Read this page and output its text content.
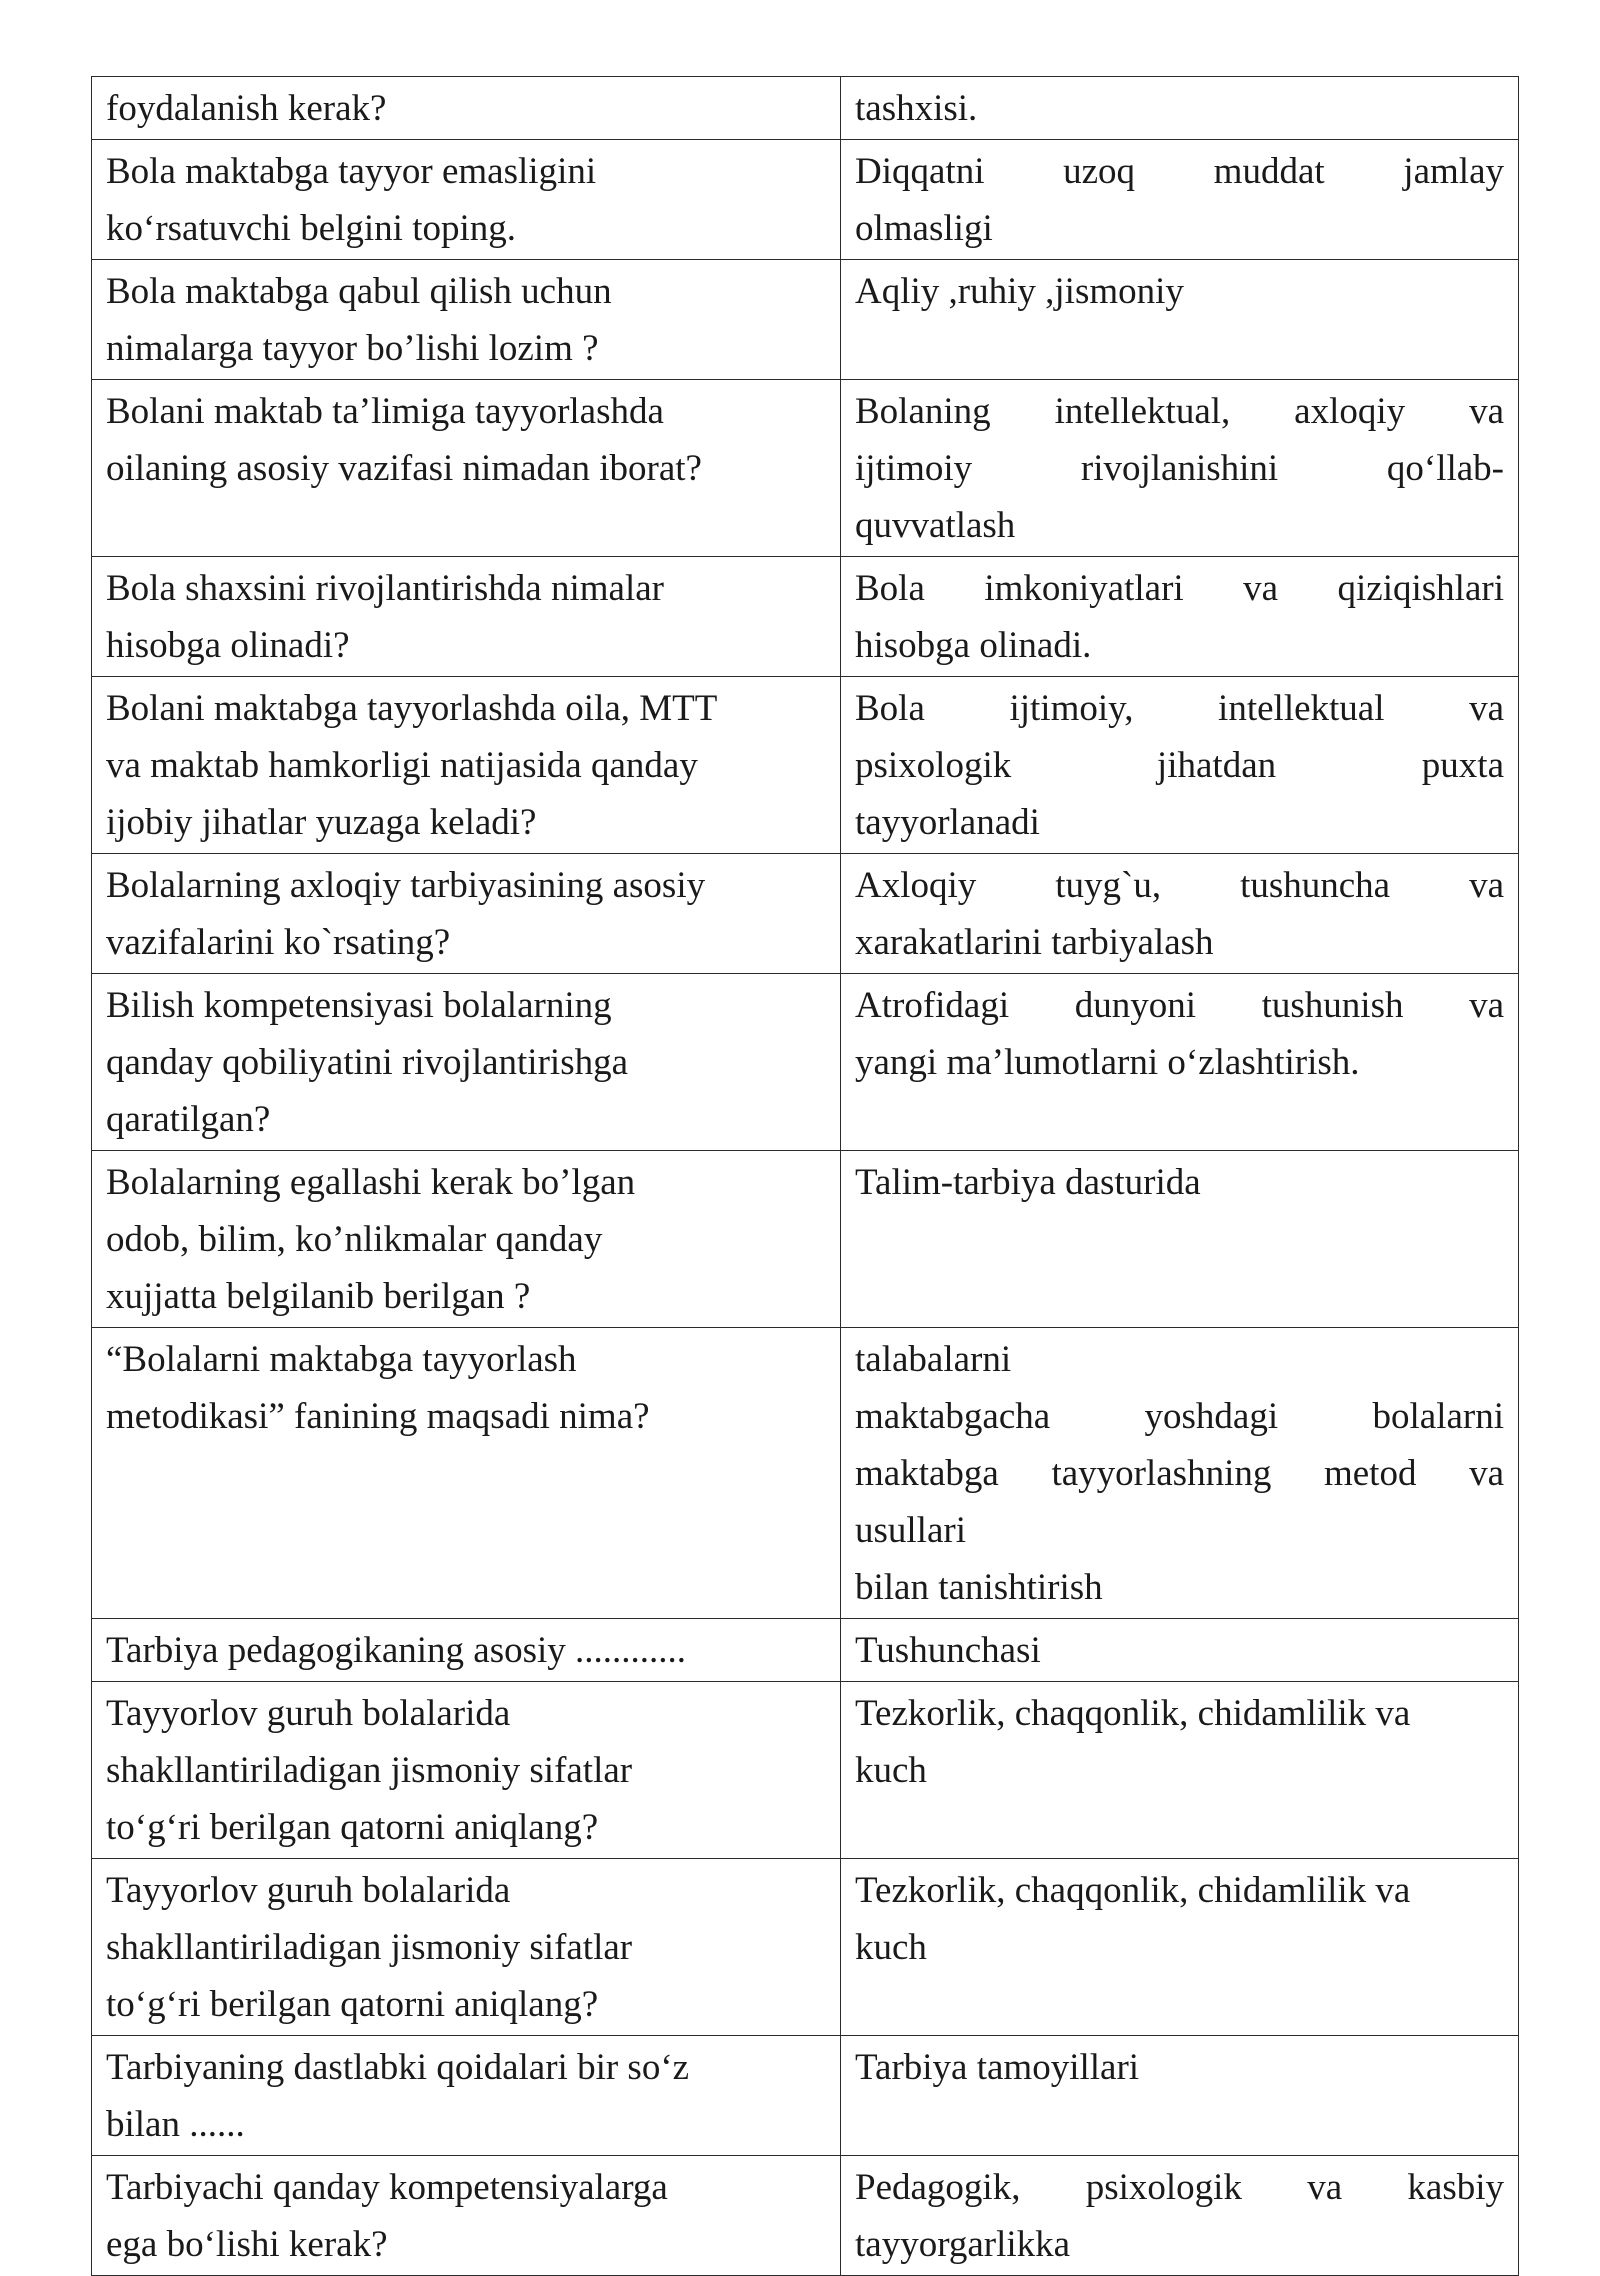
foydalanish kerak?	tashxisi.

Bola maktabga tayyor emasligini
ko‘rsatuvchi belgini toping.	Diqqatni uzoq muddat jamlay
olmasligi

Bola maktabga qabul qilish uchun
nimalarga tayyor bo’lishi lozim ?	Aqliy ,ruhiy ,jismoniy

Bolani maktab ta’limiga tayyorlashda
oilaning asosiy vazifasi nimadan iborat?	Bolaning intellektual, axloqiy va
ijtimoiy rivojlanishini qo‘llab-
quvvatlash

Bola shaxsini rivojlantirishda nimalar
hisobga olinadi?	Bola imkoniyatlari va qiziqishlari
hisobga olinadi.

Bolani maktabga tayyorlashda oila, MTT
va maktab hamkorligi natijasida qanday
ijobiy jihatlar yuzaga keladi?	Bola ijtimoiy, intellektual va
psixologik jihatdan puxta
tayyorlanadi

Bolalarning axloqiy tarbiyasining asosiy
vazifalarini ko`rsating?	Axloqiy tuyg`u, tushuncha va
xarakatlarini tarbiyalash

Bilish kompetensiyasi bolalarning
qanday qobiliyatini rivojlantirishga
qaratilgan?	Atrofidagi dunyoni tushunish va
yangi ma’lumotlarni o‘zlashtirish.

Bolalarning egallashi kerak bo’lgan
odob, bilim, ko’nlikmalar qanday
xujjatta belgilanib berilgan ?	Talim-tarbiya dasturida

“Bolalarni maktabga tayyorlash
metodikasi” fanining maqsadi nima?	talabalarni
maktabgacha yoshdagi bolalarni
maktabga tayyorlashning metod va
usullari
bilan tanishtirish

Tarbiya pedagogikaning asosiy ............	Tushunchasi

Tayyorlov guruh bolalarida
shakllantiriladigan jismoniy sifatlar
to‘g‘ri berilgan qatorni aniqlang?	Tezkorlik, chaqqonlik, chidamlilik va
kuch

Tayyorlov guruh bolalarida
shakllantiriladigan jismoniy sifatlar
to‘g‘ri berilgan qatorni aniqlang?	Tezkorlik, chaqqonlik, chidamlilik va
kuch

Tarbiyaning dastlabki qoidalari bir so‘z
bilan ......	Tarbiya tamoyillari

Tarbiyachi qanday kompetensiyalarga
ega bo‘lishi kerak?	Pedagogik, psixologik va kasbiy
tayyorgarlikka
